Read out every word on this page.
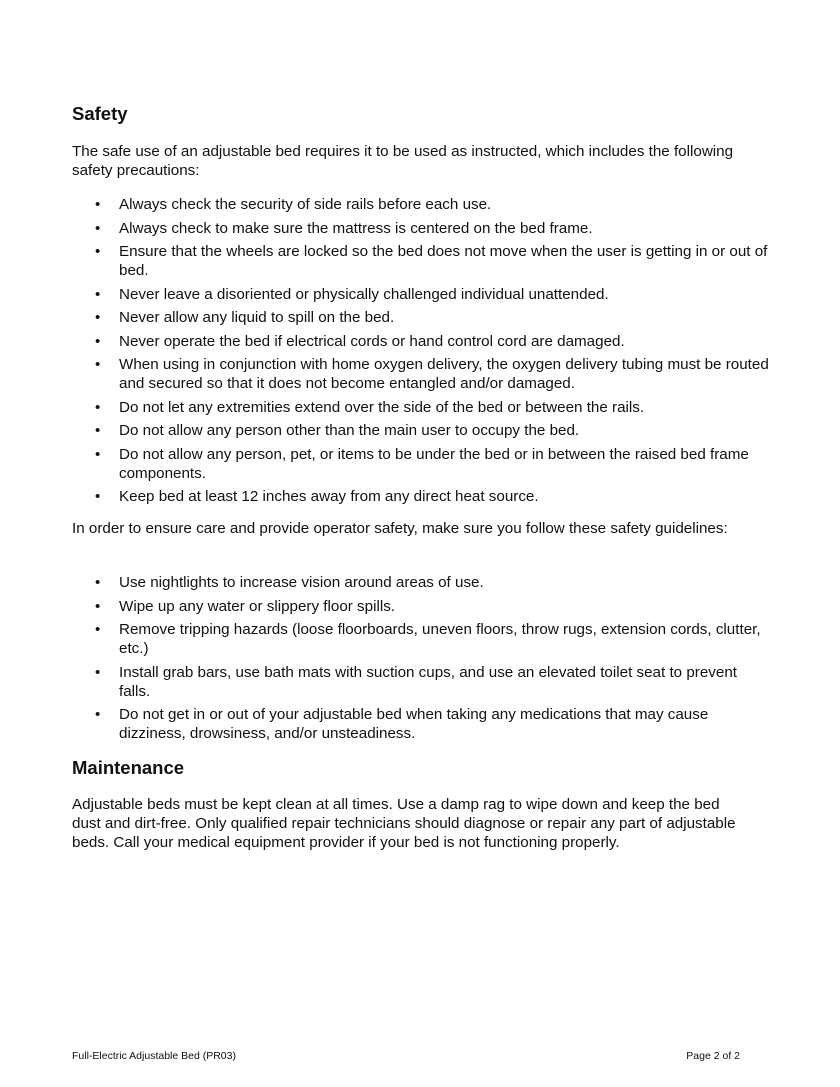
Safety

The safe use of an adjustable bed requires it to be used as instructed, which includes the following safety precautions:

• Always check the security of side rails before each use.
• Always check to make sure the mattress is centered on the bed frame.
• Ensure that the wheels are locked so the bed does not move when the user is getting in or out of bed.
• Never leave a disoriented or physically challenged individual unattended.
• Never allow any liquid to spill on the bed.
• Never operate the bed if electrical cords or hand control cord are damaged.
• When using in conjunction with home oxygen delivery, the oxygen delivery tubing must be routed and secured so that it does not become entangled and/or damaged.
• Do not let any extremities extend over the side of the bed or between the rails.
• Do not allow any person other than the main user to occupy the bed.
• Do not allow any person, pet, or items to be under the bed or in between the raised bed frame components.
• Keep bed at least 12 inches away from any direct heat source.

In order to ensure care and provide operator safety, make sure you follow these safety guidelines:

• Use nightlights to increase vision around areas of use.
• Wipe up any water or slippery floor spills.
• Remove tripping hazards (loose floorboards, uneven floors, throw rugs, extension cords, clutter, etc.)
• Install grab bars, use bath mats with suction cups, and use an elevated toilet seat to prevent falls.
• Do not get in or out of your adjustable bed when taking any medications that may cause dizziness, drowsiness, and/or unsteadiness.
Maintenance

Adjustable beds must be kept clean at all times. Use a damp rag to wipe down and keep the bed dust and dirt-free. Only qualified repair technicians should diagnose or repair any part of adjustable beds. Call your medical equipment provider if your bed is not functioning properly.

Full-Electric Adjustable Bed (PR03)	Page 2 of 2
